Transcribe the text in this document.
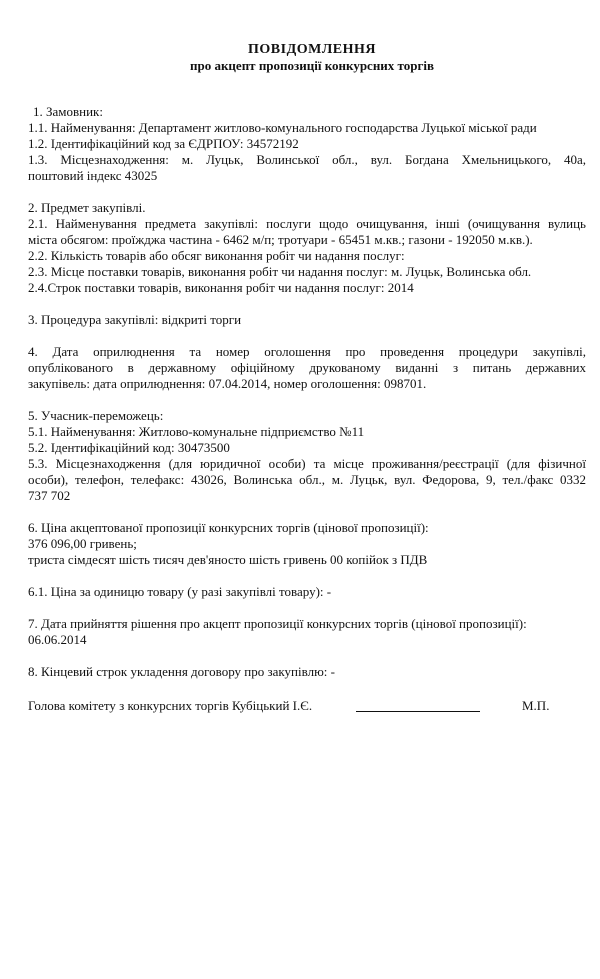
ПОВІДОМЛЕННЯ
про акцепт пропозиції конкурсних торгів
1. Замовник:
1.1. Найменування: Департамент житлово-комунального господарства Луцької міської ради
1.2. Ідентифікаційний код за ЄДРПОУ: 34572192
1.3. Місцезнаходження: м. Луцьк, Волинської обл., вул. Богдана Хмельницького, 40а,
поштовий індекс 43025
2. Предмет закупівлі.
2.1. Найменування предмета закупівлі: послуги щодо очищування, інші (очищування вулиць
міста обсягом: проїжджа частина - 6462 м/п; тротуари - 65451 м.кв.; газони - 192050 м.кв.).
2.2. Кількість товарів або обсяг виконання робіт чи надання послуг:
2.3. Місце поставки товарів, виконання робіт чи надання послуг: м. Луцьк, Волинська обл.
2.4.Строк поставки товарів, виконання робіт чи надання послуг: 2014
3. Процедура закупівлі: відкриті торги
4. Дата оприлюднення та номер оголошення про проведення процедури закупівлі,
опублікованого в державному офіційному друкованому виданні з питань державних
закупівель: дата оприлюднення: 07.04.2014, номер оголошення: 098701.
5. Учасник-переможець:
5.1. Найменування: Житлово-комунальне підприємство №11
5.2. Ідентифікаційний код: 30473500
5.3. Місцезнаходження (для юридичної особи) та місце проживання/реєстрації (для фізичної
особи), телефон, телефакс: 43026, Волинська обл., м. Луцьк, вул. Федорова, 9, тел./факс 0332
737 702
6. Ціна акцептованої пропозиції конкурсних торгів (цінової пропозиції):
376 096,00 гривень;
триста сімдесят шість тисяч дев'яносто шість гривень 00 копійок з ПДВ
6.1. Ціна за одиницю товару (у разі закупівлі товару): -
7. Дата прийняття рішення про акцепт пропозиції конкурсних торгів (цінової пропозиції):
06.06.2014
8. Кінцевий строк укладення договору про закупівлю: -
Голова комітету з конкурсних торгів Кубіцький І.Є.	М.П.
